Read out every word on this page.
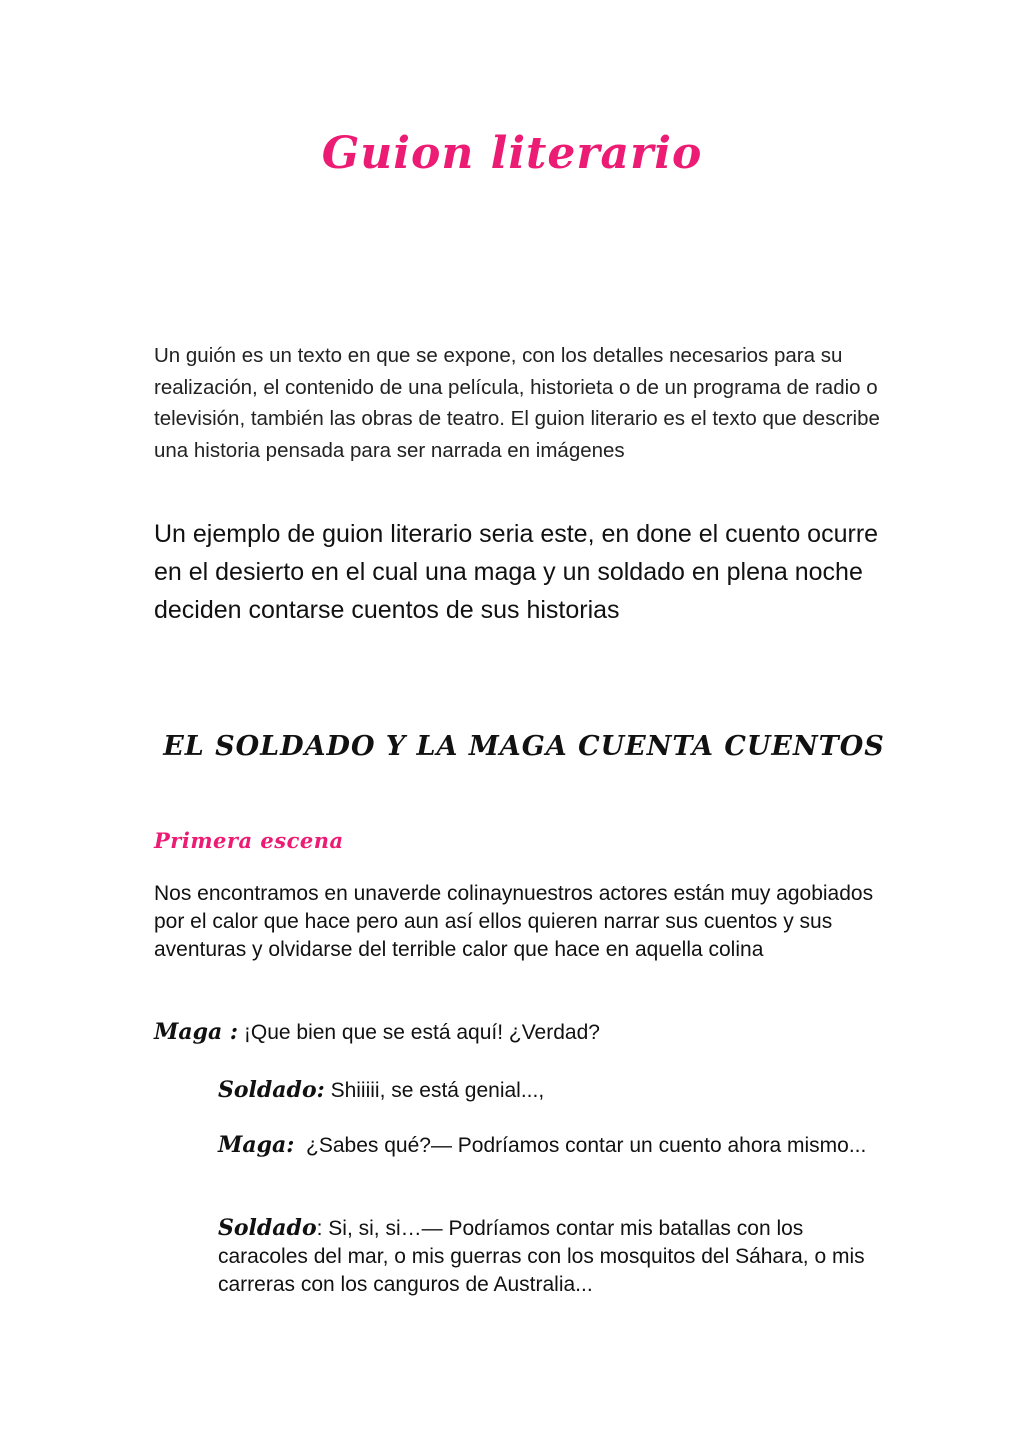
Guion literario
Un guión es un texto en que se expone, con los detalles necesarios para su realización, el contenido de una película, historieta o de un programa de radio o televisión, también las obras de teatro. El guion literario es el texto que describe una historia pensada para ser narrada en imágenes
Un ejemplo de guion literario seria este, en done el cuento ocurre en el desierto en el cual una maga y un soldado en plena noche deciden contarse cuentos de sus historias
EL SOLDADO Y LA MAGA CUENTA CUENTOS
Primera escena
Nos encontramos en unaverde colinaynuestros actores están muy agobiados por el calor que hace pero aun así ellos quieren narrar sus cuentos y sus aventuras y olvidarse del terrible calor que hace en aquella colina
Maga : ¡Que bien que se está aquí! ¿Verdad?
Soldado: Shiiiii, se está genial...,
Maga:  ¿Sabes qué?— Podríamos contar un cuento ahora mismo...
Soldado: Si, si, si…— Podríamos contar mis batallas con los caracoles del mar, o mis guerras con los mosquitos del Sáhara, o mis carreras con los canguros de Australia...
